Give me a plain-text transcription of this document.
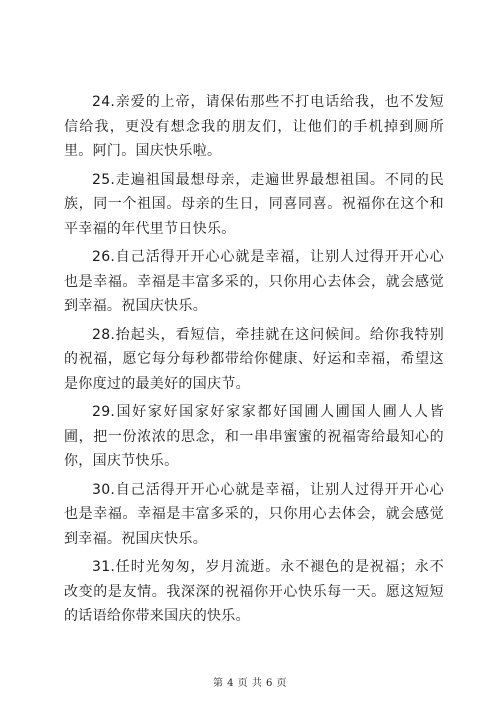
24.亲爱的上帝，请保佑那些不打电话给我，也不发短信给我，更没有想念我的朋友们，让他们的手机掉到厕所里。阿门。国庆快乐啦。

25.走遍祖国最想母亲，走遍世界最想祖国。不同的民族，同一个祖国。母亲的生日，同喜同喜。祝福你在这个和平幸福的年代里节日快乐。

26.自己活得开开心心就是幸福，让别人过得开开心心也是幸福。幸福是丰富多采的，只你用心去体会，就会感觉到幸福。祝国庆快乐。

28.抬起头，看短信，牵挂就在这问候间。给你我特别的祝福，愿它每分每秒都带给你健康、好运和幸福，希望这是你度过的最美好的国庆节。

29.国好家好国家好家家都好国圃人圃国人圃人人皆圃，把一份浓浓的思念，和一串串蜜蜜的祝福寄给最知心的你，国庆节快乐。

30.自己活得开开心心就是幸福，让别人过得开开心心也是幸福。幸福是丰富多采的，只你用心去体会，就会感觉到幸福。祝国庆快乐。

31.任时光匆匆，岁月流逝。永不褪色的是祝福；永不改变的是友情。我深深的祝福你开心快乐每一天。愿这短短的话语给你带来国庆的快乐。

第 4 页 共 6 页
